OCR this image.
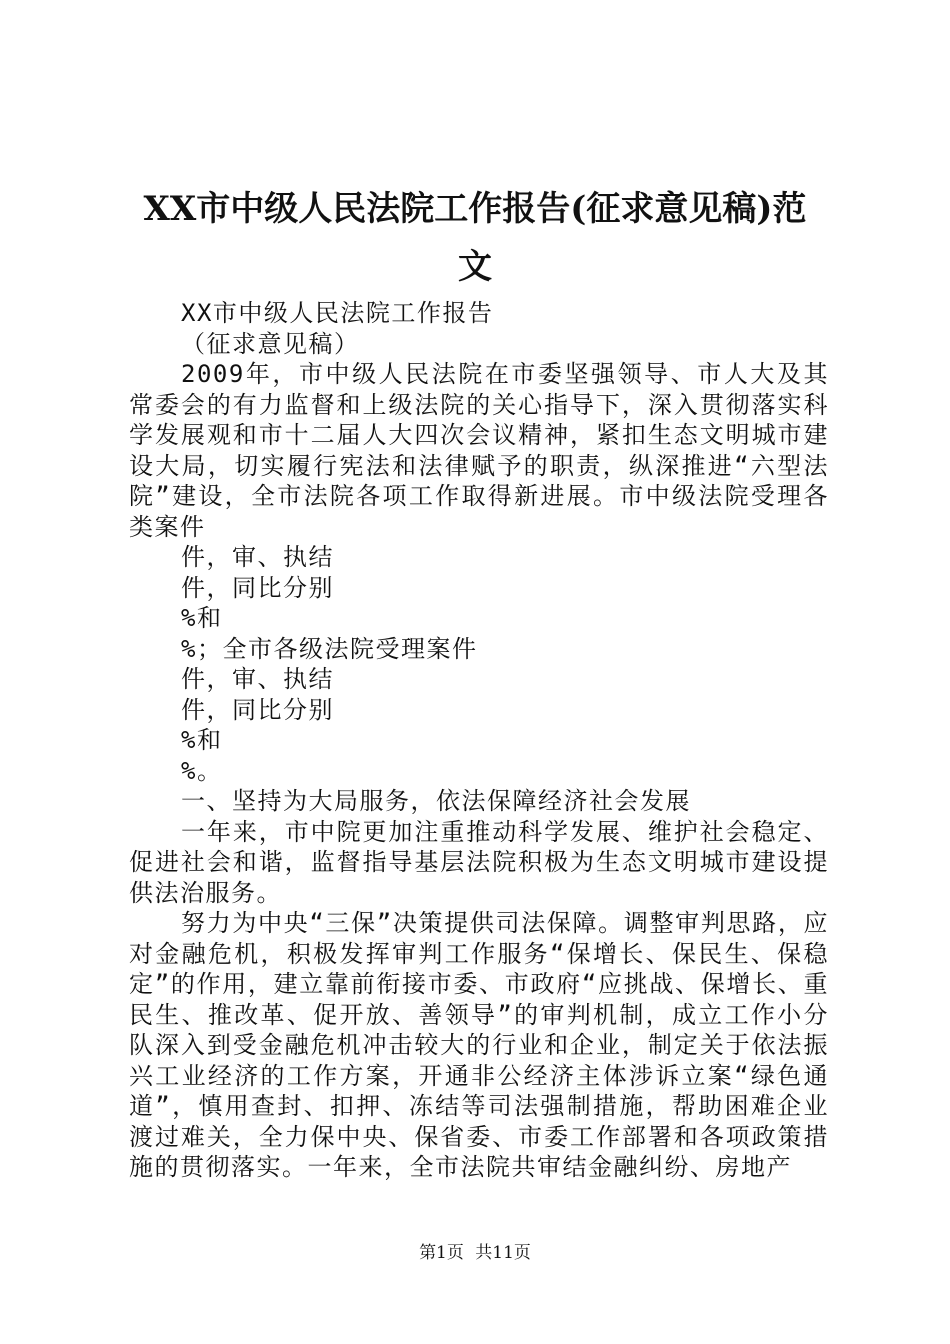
XX市中级人民法院工作报告(征求意见稿)范
文

XX市中级人民法院工作报告

（征求意见稿）

2009年，市中级人民法院在市委坚强领导、市人大及其常委会的有力监督和上级法院的关心指导下，深入贯彻落实科学发展观和市十二届人大四次会议精神，紧扣生态文明城市建设大局，切实履行宪法和法律赋予的职责，纵深推进“六型法院”建设，全市法院各项工作取得新进展。市中级法院受理各类案件

件，审、执结

件，同比分别

%和

%；全市各级法院受理案件

件，审、执结

件，同比分别

%和

%。

一、坚持为大局服务，依法保障经济社会发展

一年来，市中院更加注重推动科学发展、维护社会稳定、促进社会和谐，监督指导基层法院积极为生态文明城市建设提供法治服务。

努力为中央“三保”决策提供司法保障。调整审判思路，应对金融危机，积极发挥审判工作服务“保增长、保民生、保稳定”的作用，建立靠前衔接市委、市政府“应挑战、保增长、重民生、推改革、促开放、善领导”的审判机制，成立工作小分队深入到受金融危机冲击较大的行业和企业，制定关于依法振兴工业经济的工作方案，开通非公经济主体涉诉立案“绿色通道”，慎用查封、扣押、冻结等司法强制措施，帮助困难企业渡过难关，全力保中央、保省委、市委工作部署和各项政策措施的贯彻落实。一年来，全市法院共审结金融纠纷、房地产

第1页 共11页
